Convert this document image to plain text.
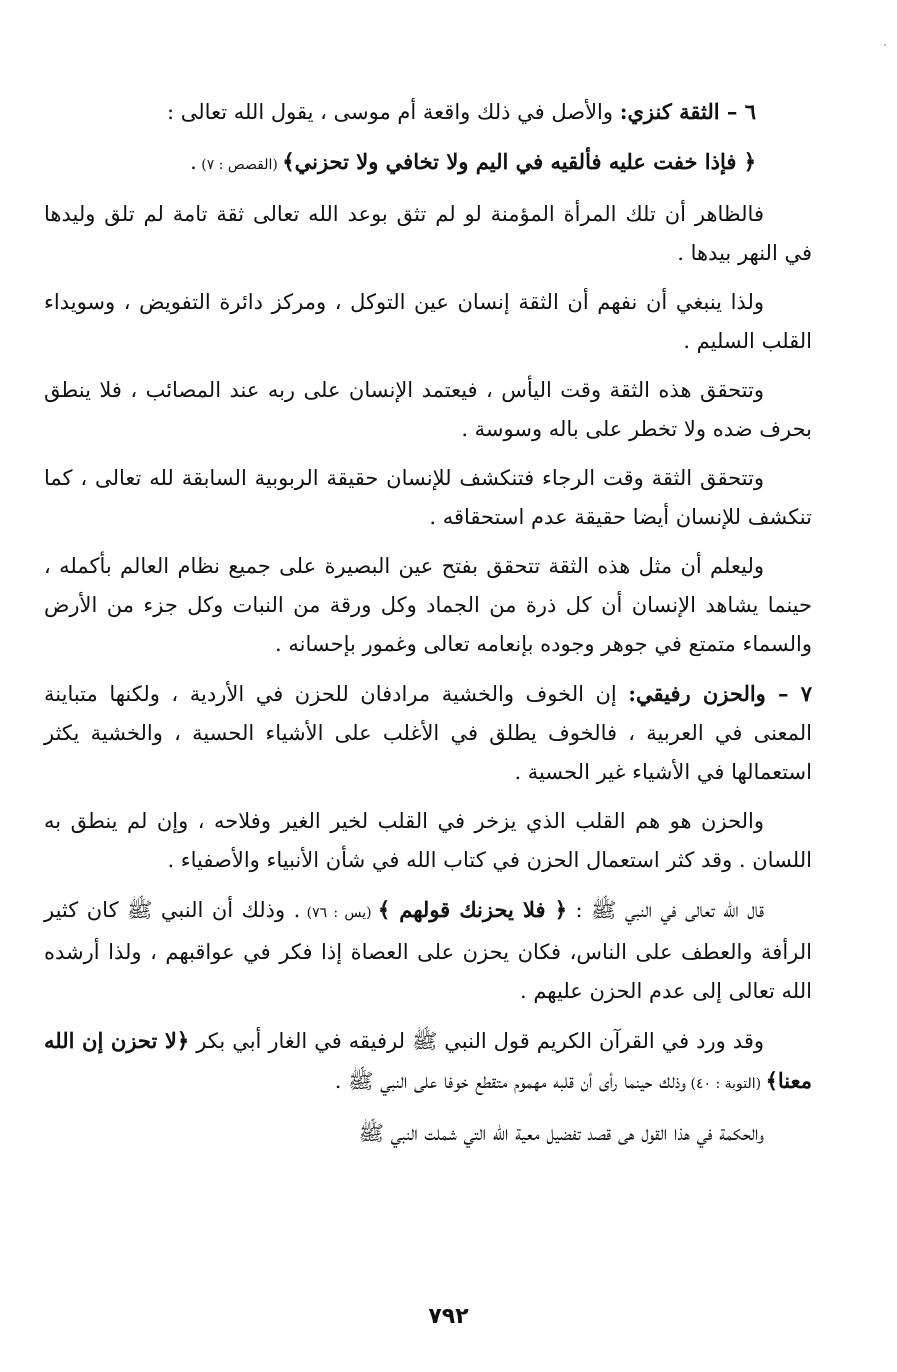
٦ – الثقة كنزي: والأصل في ذلك واقعة أم موسى ، يقول الله تعالى :

﴿ فإذا خفت عليه فألقيه في اليم ولا تخافي ولا تحزني﴾ (القصص : ٧) .

فالظاهر أن تلك المرأة المؤمنة لو لم تثق بوعد الله تعالى ثقة تامة لم تلق وليدها في النهر بيدها .

ولذا ينبغي أن نفهم أن الثقة إنسان عين التوكل ، ومركز دائرة التفويض ، وسويداء القلب السليم .

وتتحقق هذه الثقة وقت اليأس ، فيعتمد الإنسان على ربه عند المصائب ، فلا ينطق بحرف ضده ولا تخطر على باله وسوسة .

وتتحقق الثقة وقت الرجاء فتنكشف للإنسان حقيقة الربوبية السابقة لله تعالى ، كما تنكشف للإنسان أيضا حقيقة عدم استحقاقه .

وليعلم أن مثل هذه الثقة تتحقق بفتح عين البصيرة على جميع نظام العالم بأكمله ، حينما يشاهد الإنسان أن كل ذرة من الجماد وكل ورقة من النبات وكل جزء من الأرض والسماء متمتع في جوهر وجوده بإنعامه تعالى وغمور بإحسانه .

٧ – والحزن رفيقي: إن الخوف والخشية مرادفان للحزن في الأردية ، ولكنها متباينة المعنى في العربية ، فالخوف يطلق في الأغلب على الأشياء الحسية ، والخشية يكثر استعمالها في الأشياء غير الحسية .

والحزن هو هم القلب الذي يزخر في القلب لخير الغير وفلاحه ، وإن لم ينطق به اللسان . وقد كثر استعمال الحزن في كتاب الله في شأن الأنبياء والأصفياء .

قال الله تعالى في النبي ﷺ : ﴿ فلا يحزنك قولهم ﴾ (يس : ٧٦) . وذلك أن النبي ﷺ كان كثير الرأفة والعطف على الناس، فكان يحزن على العصاة إذا فكر في عواقبهم ، ولذا أرشده الله تعالى إلى عدم الحزن عليهم .

وقد ورد في القرآن الكريم قول النبي ﷺ لرفيقه في الغار أبي بكر ﴿لا تحزن إن الله معنا﴾ (التوبة : ٤٠) وذلك حينما رأى أن قلبه مهموم متقطع خوفا على النبي ﷺ .

والحكمة في هذا القول هى قصد تفضيل معية الله التي شملت النبي ﷺ

٧٩٢
